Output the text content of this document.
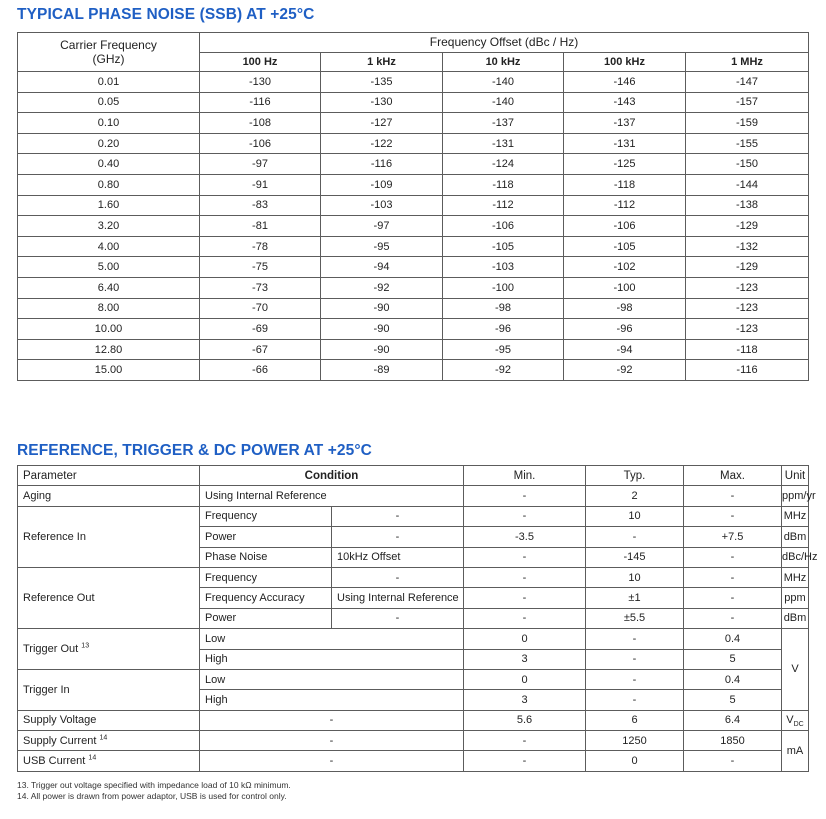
TYPICAL PHASE NOISE (SSB) AT +25°C
Carrier Frequency
(GHz)	Frequency Offset (dBc / Hz)				
	100 Hz	1 kHz	10 kHz	100 kHz	1 MHz
0.01	-130	-135	-140	-146	-147
0.05	-116	-130	-140	-143	-157
0.10	-108	-127	-137	-137	-159
0.20	-106	-122	-131	-131	-155
0.40	-97	-116	-124	-125	-150
0.80	-91	-109	-118	-118	-144
1.60	-83	-103	-112	-112	-138
3.20	-81	-97	-106	-106	-129
4.00	-78	-95	-105	-105	-132
5.00	-75	-94	-103	-102	-129
6.40	-73	-92	-100	-100	-123
8.00	-70	-90	-98	-98	-123
10.00	-69	-90	-96	-96	-123
12.80	-67	-90	-95	-94	-118
15.00	-66	-89	-92	-92	-116
REFERENCE, TRIGGER & DC POWER AT +25°C
Parameter	Condition		Min.	Typ.	Max.	Unit
Aging	Using Internal Reference		-	2	-	ppm/yr
Reference In	Frequency	-	-	10	-	MHz
	Power	-	-3.5	-	+7.5	dBm
	Phase Noise	10kHz Offset	-	-145	-	dBc/Hz
Reference Out	Frequency	-	-	10	-	MHz
	Frequency Accuracy	Using Internal Reference	-	±1	-	ppm
	Power	-	-	±5.5	-	dBm
Trigger Out $^{13}$	Low		0	-	0.4	V
	High		3	-	5	
Trigger In	Low		0	-	0.4	
	High		3	-	5	
Supply Voltage	-		5.6	6	6.4	$V_{DC}$
Supply Current $^{14}$	-		-	1250	1850	mA
USB Current $^{14}$	-		-	0	-	
13. Trigger out voltage specified with impedance load of 10 kΩ minimum.
14. All power is drawn from power adaptor, USB is used for control only.
